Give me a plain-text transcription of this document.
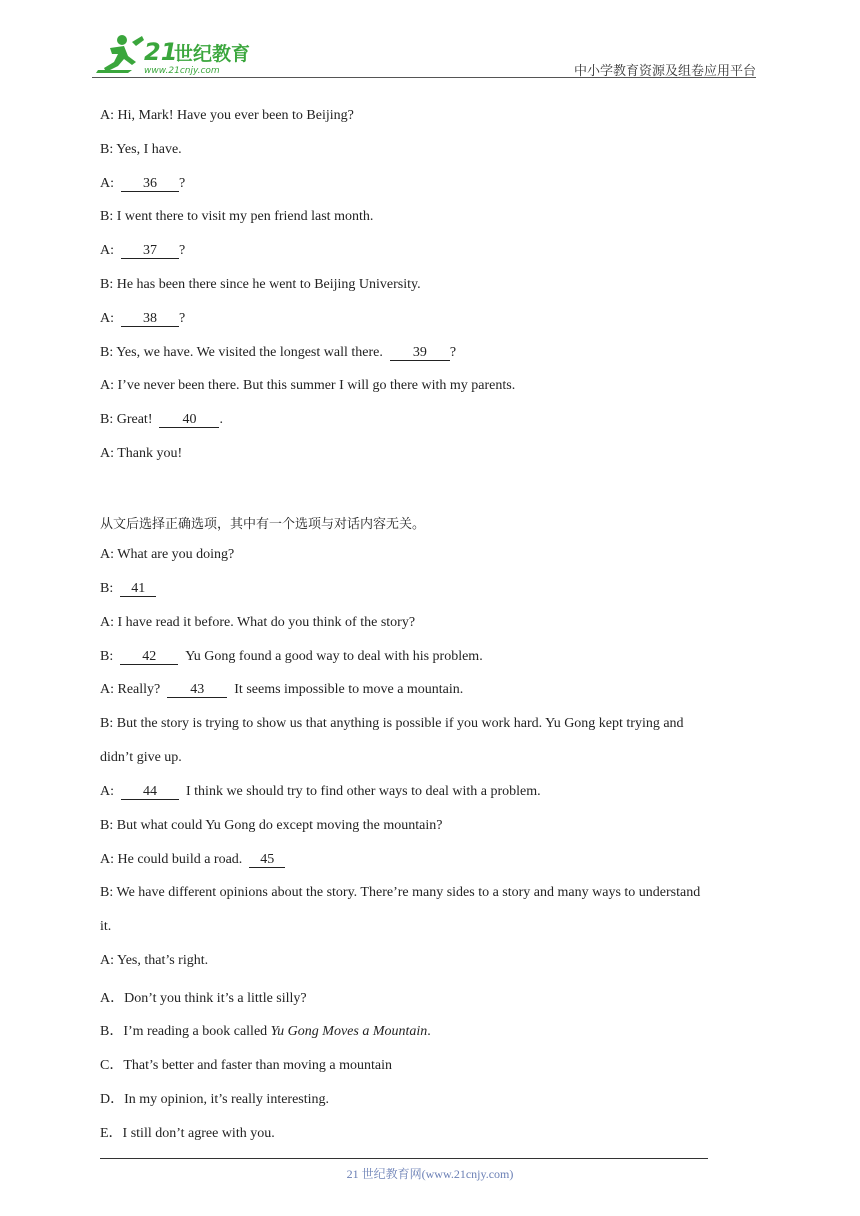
21
世纪教育
www.21cnjy.com	中小学教育资源及组卷应用平台
A: Hi, Mark! Have you ever been to Beijing?
B: Yes, I have.
A: 36 ?
B: I went there to visit my pen friend last month.
A: 37 ?
B: He has been there since he went to Beijing University.
A: 38 ?
B: Yes, we have. We visited the longest wall there. 39 ?
A: I’ve never been there. But this summer I will go there with my parents.
B: Great! 40 .
A: Thank you!
从文后选择正确选项，其中有一个选项与对话内容无关。
A: What are you doing?
B: 41
A: I have read it before. What do you think of the story?
B: 42 Yu Gong found a good way to deal with his problem.
A: Really? 43 It seems impossible to move a mountain.
B: But the story is trying to show us that anything is possible if you work hard. Yu Gong kept trying and
didn’t give up.
A: 44 I think we should try to find other ways to deal with a problem.
B: But what could Yu Gong do except moving the mountain?
A: He could build a road. 45
B: We have different opinions about the story. There’re many sides to a story and many ways to understand
it.
A: Yes, that’s right.
A．Don’t you think it’s a little silly?
B．I’m reading a book called Yu Gong Moves a Mountain.
C．That’s better and faster than moving a mountain
D．In my opinion, it’s really interesting.
E．I still don’t agree with you.
21 世纪教育网(www.21cnjy.com)
